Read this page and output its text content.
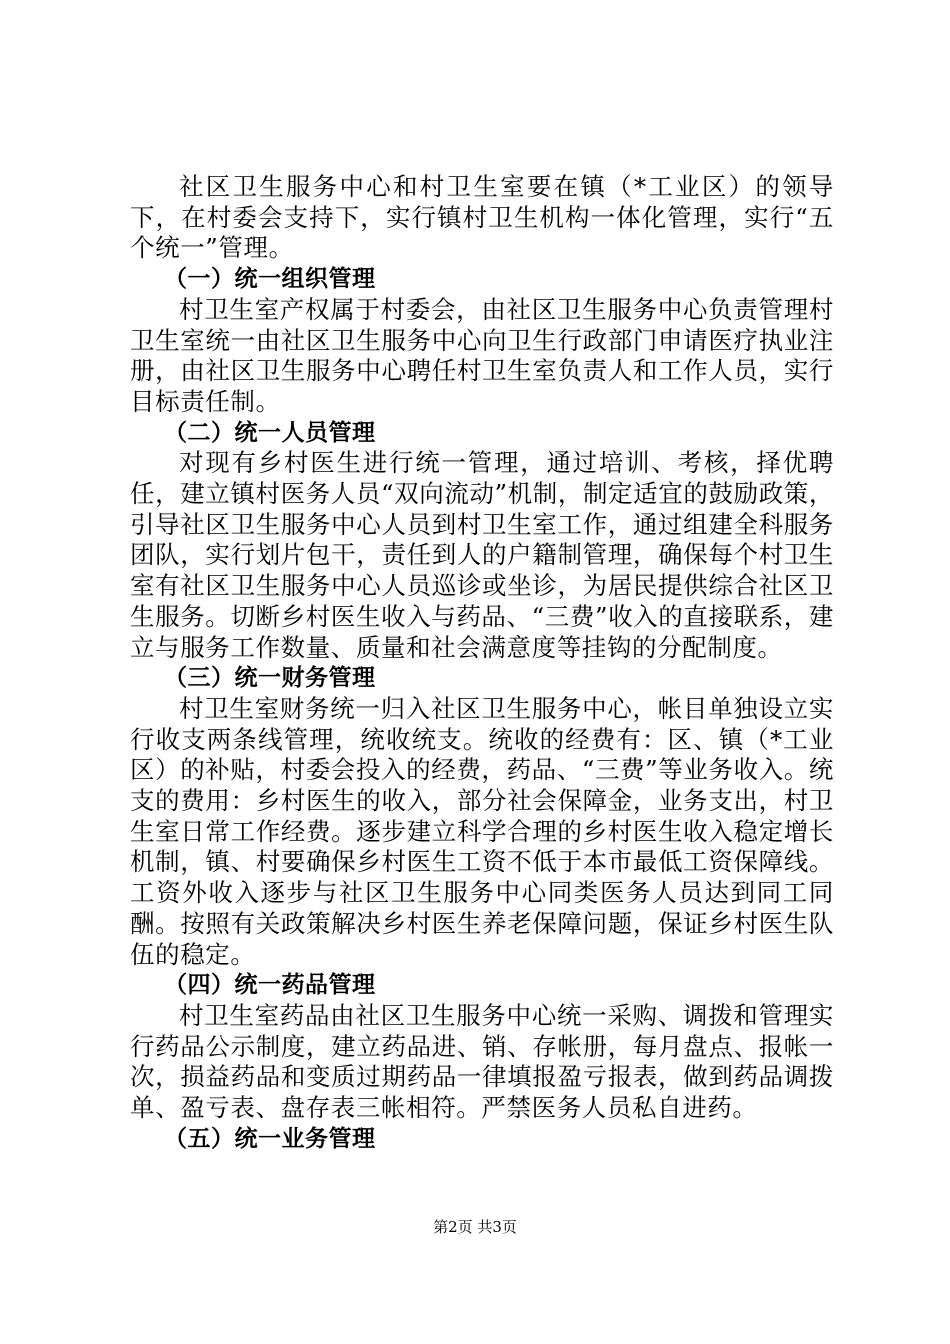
社区卫生服务中心和村卫生室要在镇（*工业区）的领导下，在村委会支持下，实行镇村卫生机构一体化管理，实行“五个统一”管理。

（一）统一组织管理

村卫生室产权属于村委会，由社区卫生服务中心负责管理村卫生室统一由社区卫生服务中心向卫生行政部门申请医疗执业注册，由社区卫生服务中心聘任村卫生室负责人和工作人员，实行目标责任制。

（二）统一人员管理

对现有乡村医生进行统一管理，通过培训、考核，择优聘任，建立镇村医务人员“双向流动”机制，制定适宜的鼓励政策，引导社区卫生服务中心人员到村卫生室工作，通过组建全科服务团队，实行划片包干，责任到人的户籍制管理，确保每个村卫生室有社区卫生服务中心人员巡诊或坐诊，为居民提供综合社区卫生服务。切断乡村医生收入与药品、“三费”收入的直接联系，建立与服务工作数量、质量和社会满意度等挂钩的分配制度。

（三）统一财务管理

村卫生室财务统一归入社区卫生服务中心，帐目单独设立实行收支两条线管理，统收统支。统收的经费有：区、镇（*工业区）的补贴，村委会投入的经费，药品、“三费”等业务收入。统支的费用：乡村医生的收入，部分社会保障金，业务支出，村卫生室日常工作经费。逐步建立科学合理的乡村医生收入稳定增长机制，镇、村要确保乡村医生工资不低于本市最低工资保障线。工资外收入逐步与社区卫生服务中心同类医务人员达到同工同酬。按照有关政策解决乡村医生养老保障问题，保证乡村医生队伍的稳定。

（四）统一药品管理

村卫生室药品由社区卫生服务中心统一采购、调拨和管理实行药品公示制度，建立药品进、销、存帐册，每月盘点、报帐一次，损益药品和变质过期药品一律填报盈亏报表，做到药品调拨单、盈亏表、盘存表三帐相符。严禁医务人员私自进药。

（五）统一业务管理
第2页 共3页
